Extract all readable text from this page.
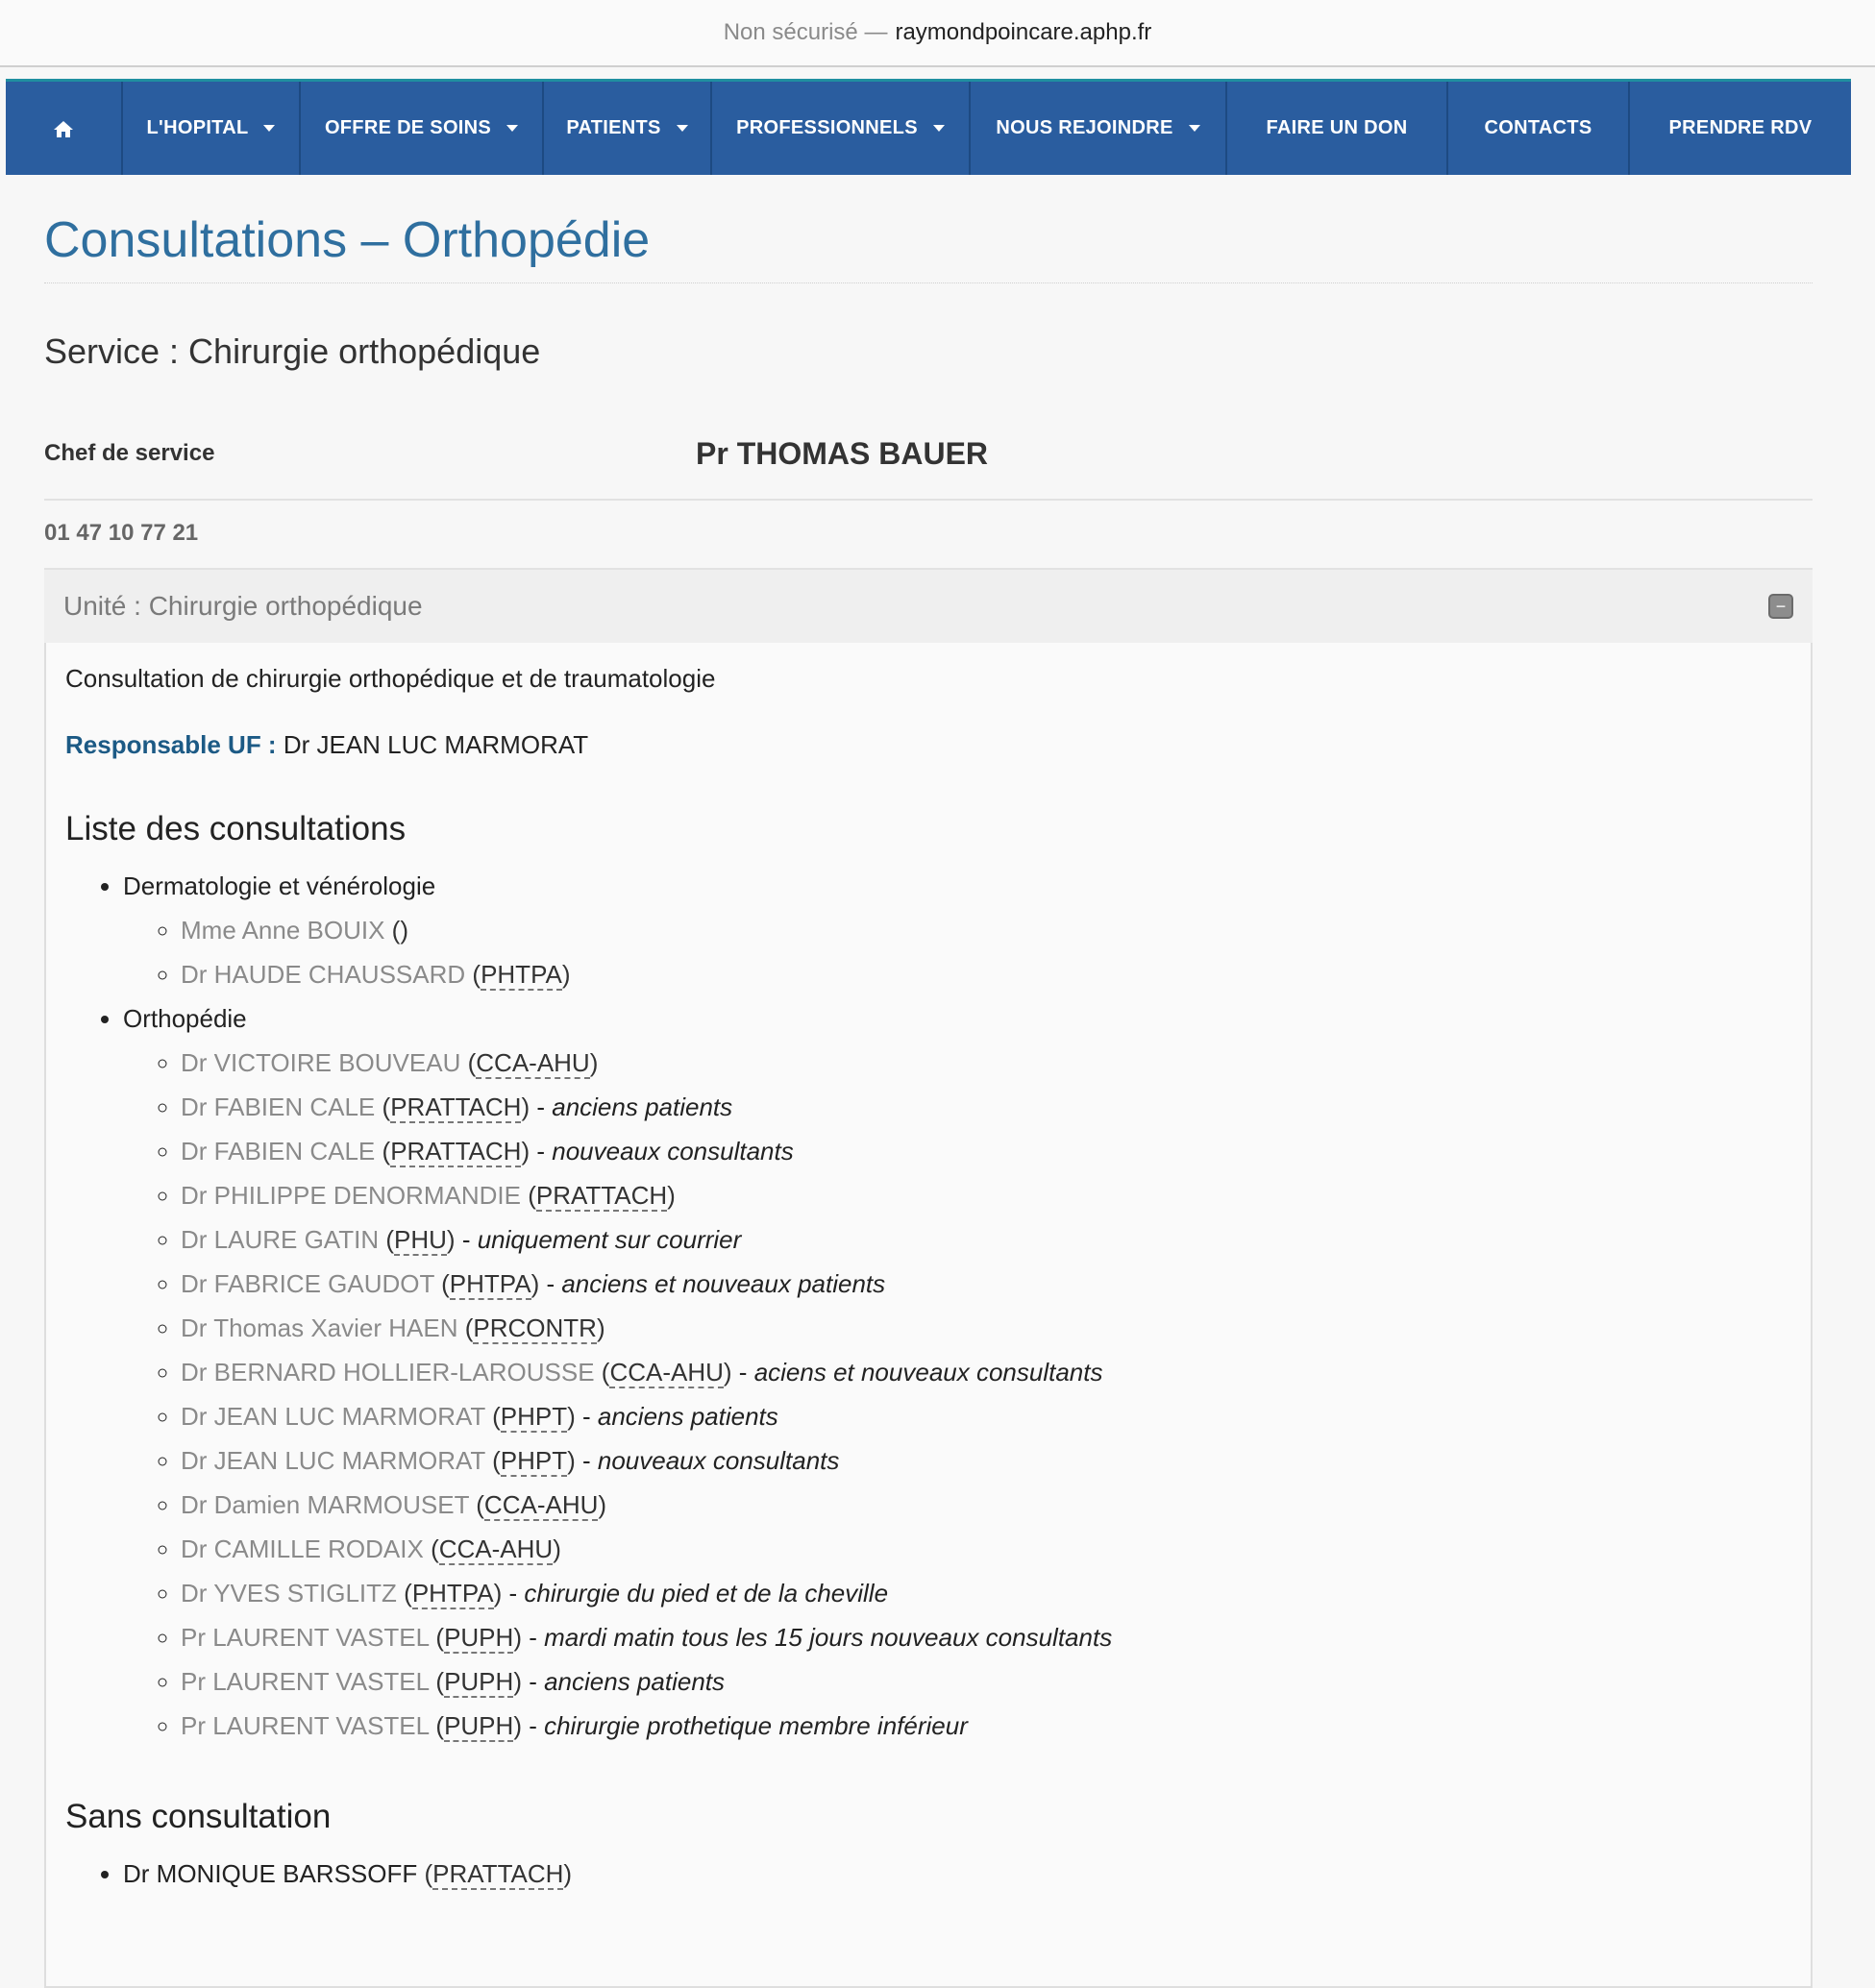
Non sécurisé — raymondpoincare.aphp.fr
L'HOPITAL	OFFRE DE SOINS	PATIENTS	PROFESSIONNELS	NOUS REJOINDRE	FAIRE UN DON	CONTACTS	PRENDRE RDV
Consultations – Orthopédie
Service : Chirurgie orthopédique
Chef de service	Pr THOMAS BAUER
01 47 10 77 21
Unité : Chirurgie orthopédique	−
Consultation de chirurgie orthopédique et de traumatologie
Responsable UF : Dr JEAN LUC MARMORAT
Liste des consultations
• Dermatologie et vénérologie
◦ Mme Anne BOUIX ()
◦ Dr HAUDE CHAUSSARD (PHTPA)
• Orthopédie
◦ Dr VICTOIRE BOUVEAU (CCA-AHU)
◦ Dr FABIEN CALE (PRATTACH) - anciens patients
◦ Dr FABIEN CALE (PRATTACH) - nouveaux consultants
◦ Dr PHILIPPE DENORMANDIE (PRATTACH)
◦ Dr LAURE GATIN (PHU) - uniquement sur courrier
◦ Dr FABRICE GAUDOT (PHTPA) - anciens et nouveaux patients
◦ Dr Thomas Xavier HAEN (PRCONTR)
◦ Dr BERNARD HOLLIER-LAROUSSE (CCA-AHU) - aciens et nouveaux consultants
◦ Dr JEAN LUC MARMORAT (PHPT) - anciens patients
◦ Dr JEAN LUC MARMORAT (PHPT) - nouveaux consultants
◦ Dr Damien MARMOUSET (CCA-AHU)
◦ Dr CAMILLE RODAIX (CCA-AHU)
◦ Dr YVES STIGLITZ (PHTPA) - chirurgie du pied et de la cheville
◦ Pr LAURENT VASTEL (PUPH) - mardi matin tous les 15 jours nouveaux consultants
◦ Pr LAURENT VASTEL (PUPH) - anciens patients
◦ Pr LAURENT VASTEL (PUPH) - chirurgie prothetique membre inférieur
Sans consultation
• Dr MONIQUE BARSSOFF (PRATTACH)
